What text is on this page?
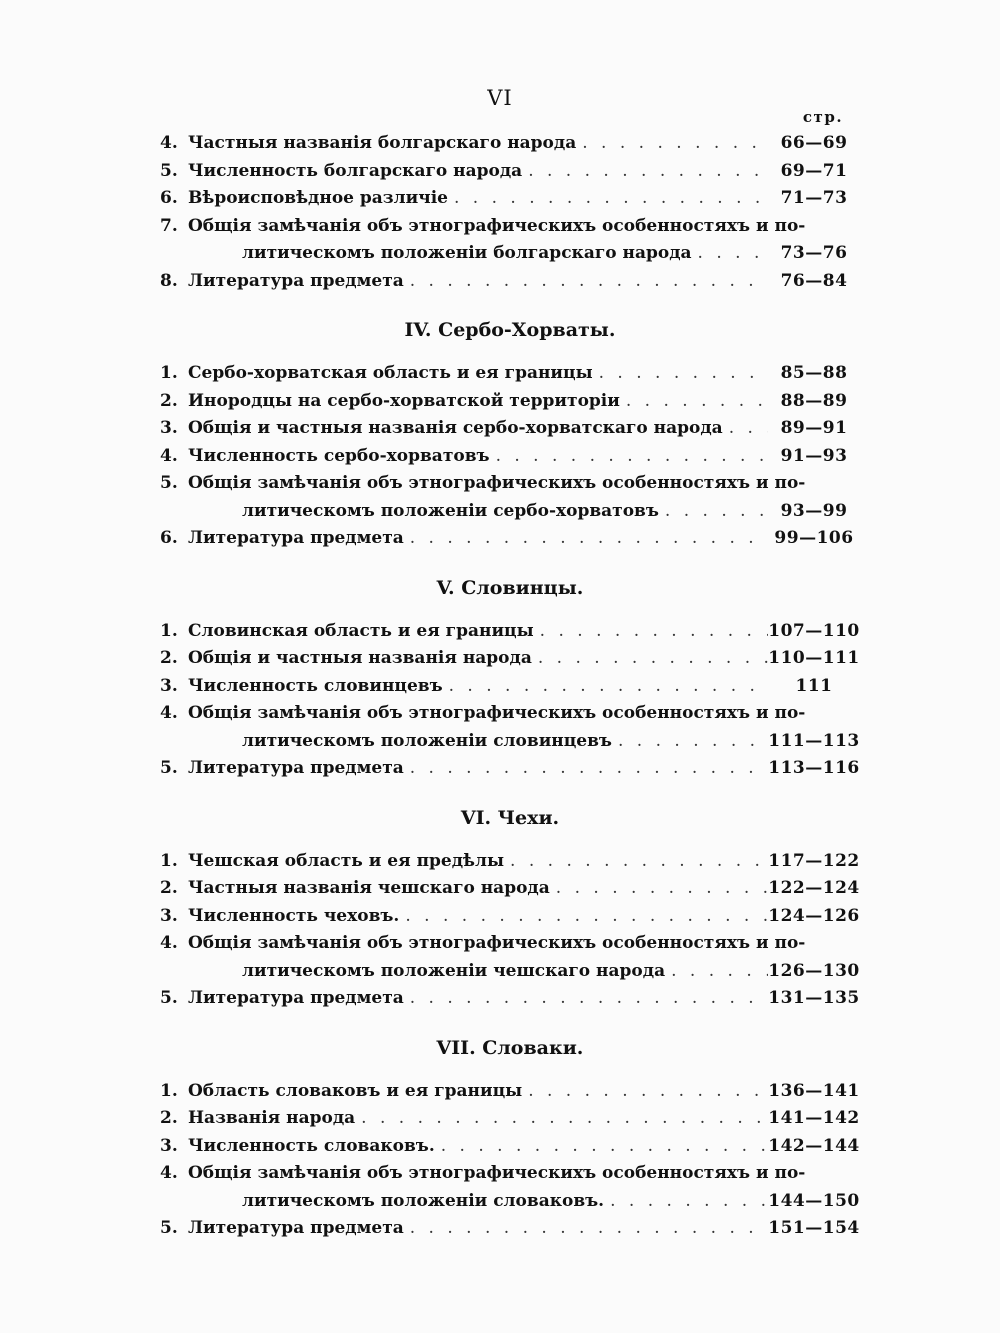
VI
стр.
4. Частныя названія болгарскаго народа . . .	66—69
5. Численность болгарскаго народа . . .	69—71
6. Вѣроисповѣдное различіе . . .	71—73
7. Общія замѣчанія объ этнографическихъ особенностяхъ и по-
литическомъ положеніи болгарскаго народа . . .	73—76
8. Литература предмета . . .	76—84
IV. Сербо-Хорваты.
1. Сербо-хорватская область и ея границы . . .	85—88
2. Инородцы на сербо-хорватской территоріи . . .	88—89
3. Общія и частныя названія сербо-хорватскаго народа . . .	89—91
4. Численность сербо-хорватовъ . . .	91—93
5. Общія замѣчанія объ этнографическихъ особенностяхъ и по-
литическомъ положеніи сербо-хорватовъ . . .	93—99
6. Литература предмета . . .	99—106
V. Словинцы.
1. Словинская область и ея границы . . .	107—110
2. Общія и частныя названія народа . . .	110—111
3. Численность словинцевъ . . .	111
4. Общія замѣчанія объ этнографическихъ особенностяхъ и по-
литическомъ положеніи словинцевъ . . .	111—113
5. Литература предмета . . .	113—116
VI. Чехи.
1. Чешская область и ея предѣлы . . .	117—122
2. Частныя названія чешскаго народа . . .	122—124
3. Численность чеховъ. . . .	124—126
4. Общія замѣчанія объ этнографическихъ особенностяхъ и по-
литическомъ положеніи чешскаго народа . . .	126—130
5. Литература предмета . . .	131—135
VII. Словаки.
1. Область словаковъ и ея границы . . .	136—141
2. Названія народа . . .	141—142
3. Численность словаковъ. . . .	142—144
4. Общія замѣчанія объ этнографическихъ особенностяхъ и по-
литическомъ положеніи словаковъ. . . .	144—150
5. Литература предмета . . .	151—154
